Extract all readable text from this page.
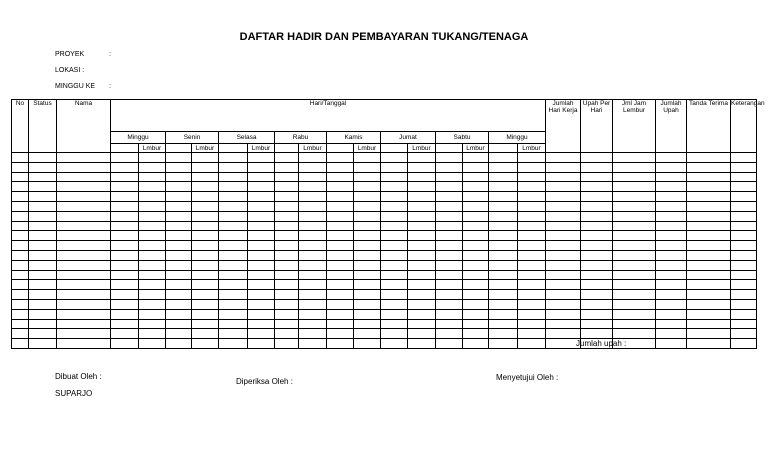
DAFTAR HADIR DAN PEMBAYARAN TUKANG/TENAGA
PROYEK	:
LOKASI :
MINGGU KE :
No	Status	Nama	Hari/Tanggal																Jumlah Hari Kerja	Upah Per Hari	Jml Jam Lembur	Jumlah Upah	Tanda Terima	Keterangan
			Minggu		Senin		Selasa		Rabu		Kamis		Jumat		Sabtu		Minggu							
				Lmbur		Lmbur		Lmbur		Lmbur		Lmbur		Lmbur		Lmbur		Lmbur						

Jumlah upah :
Dibuat Oleh :
Diperiksa Oleh :	Menyetujui Oleh :
SUPARJO
